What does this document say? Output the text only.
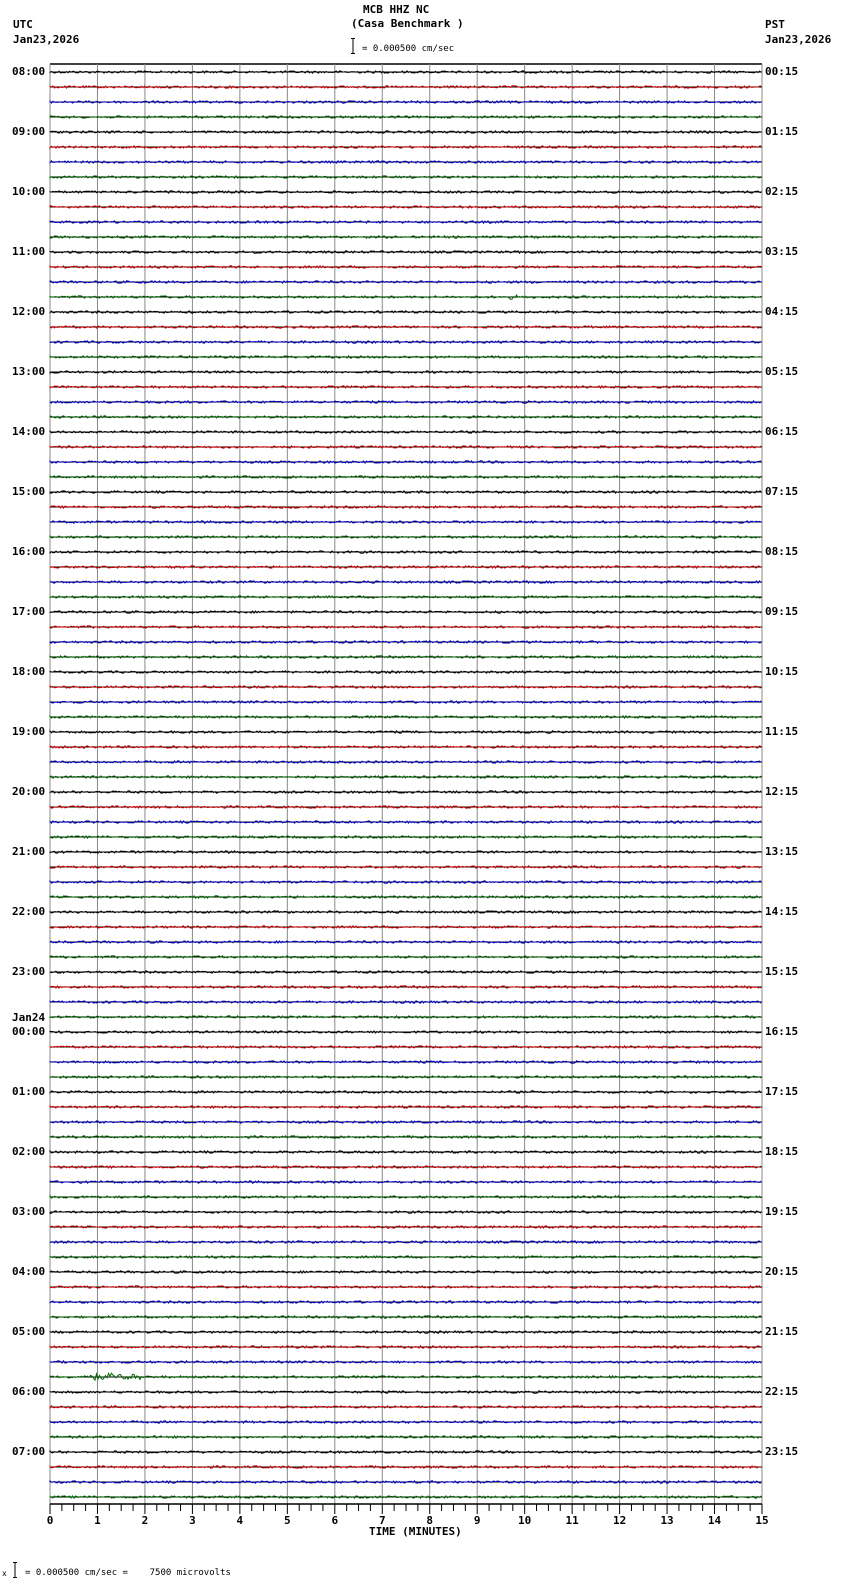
MCB HHZ NC
(Casa Benchmark )
UTC
Jan23,2026
PST
Jan23,2026
= 0.000500 cm/sec
08:00
09:00
10:00
11:00
12:00
13:00
14:00
15:00
16:00
17:00
18:00
19:00
20:00
21:00
22:00
23:00
00:00
Jan24
01:00
02:00
03:00
04:00
05:00
06:00
07:00
00:15
01:15
02:15
03:15
04:15
05:15
06:15
07:15
08:15
09:15
10:15
11:15
12:15
13:15
14:15
15:15
16:15
17:15
18:15
19:15
20:15
21:15
22:15
23:15
0	1	2	3	4	5	6	7	8	9	10	11	12	13	14	15
TIME (MINUTES)
x = 0.000500 cm/sec =    7500 microvolts
